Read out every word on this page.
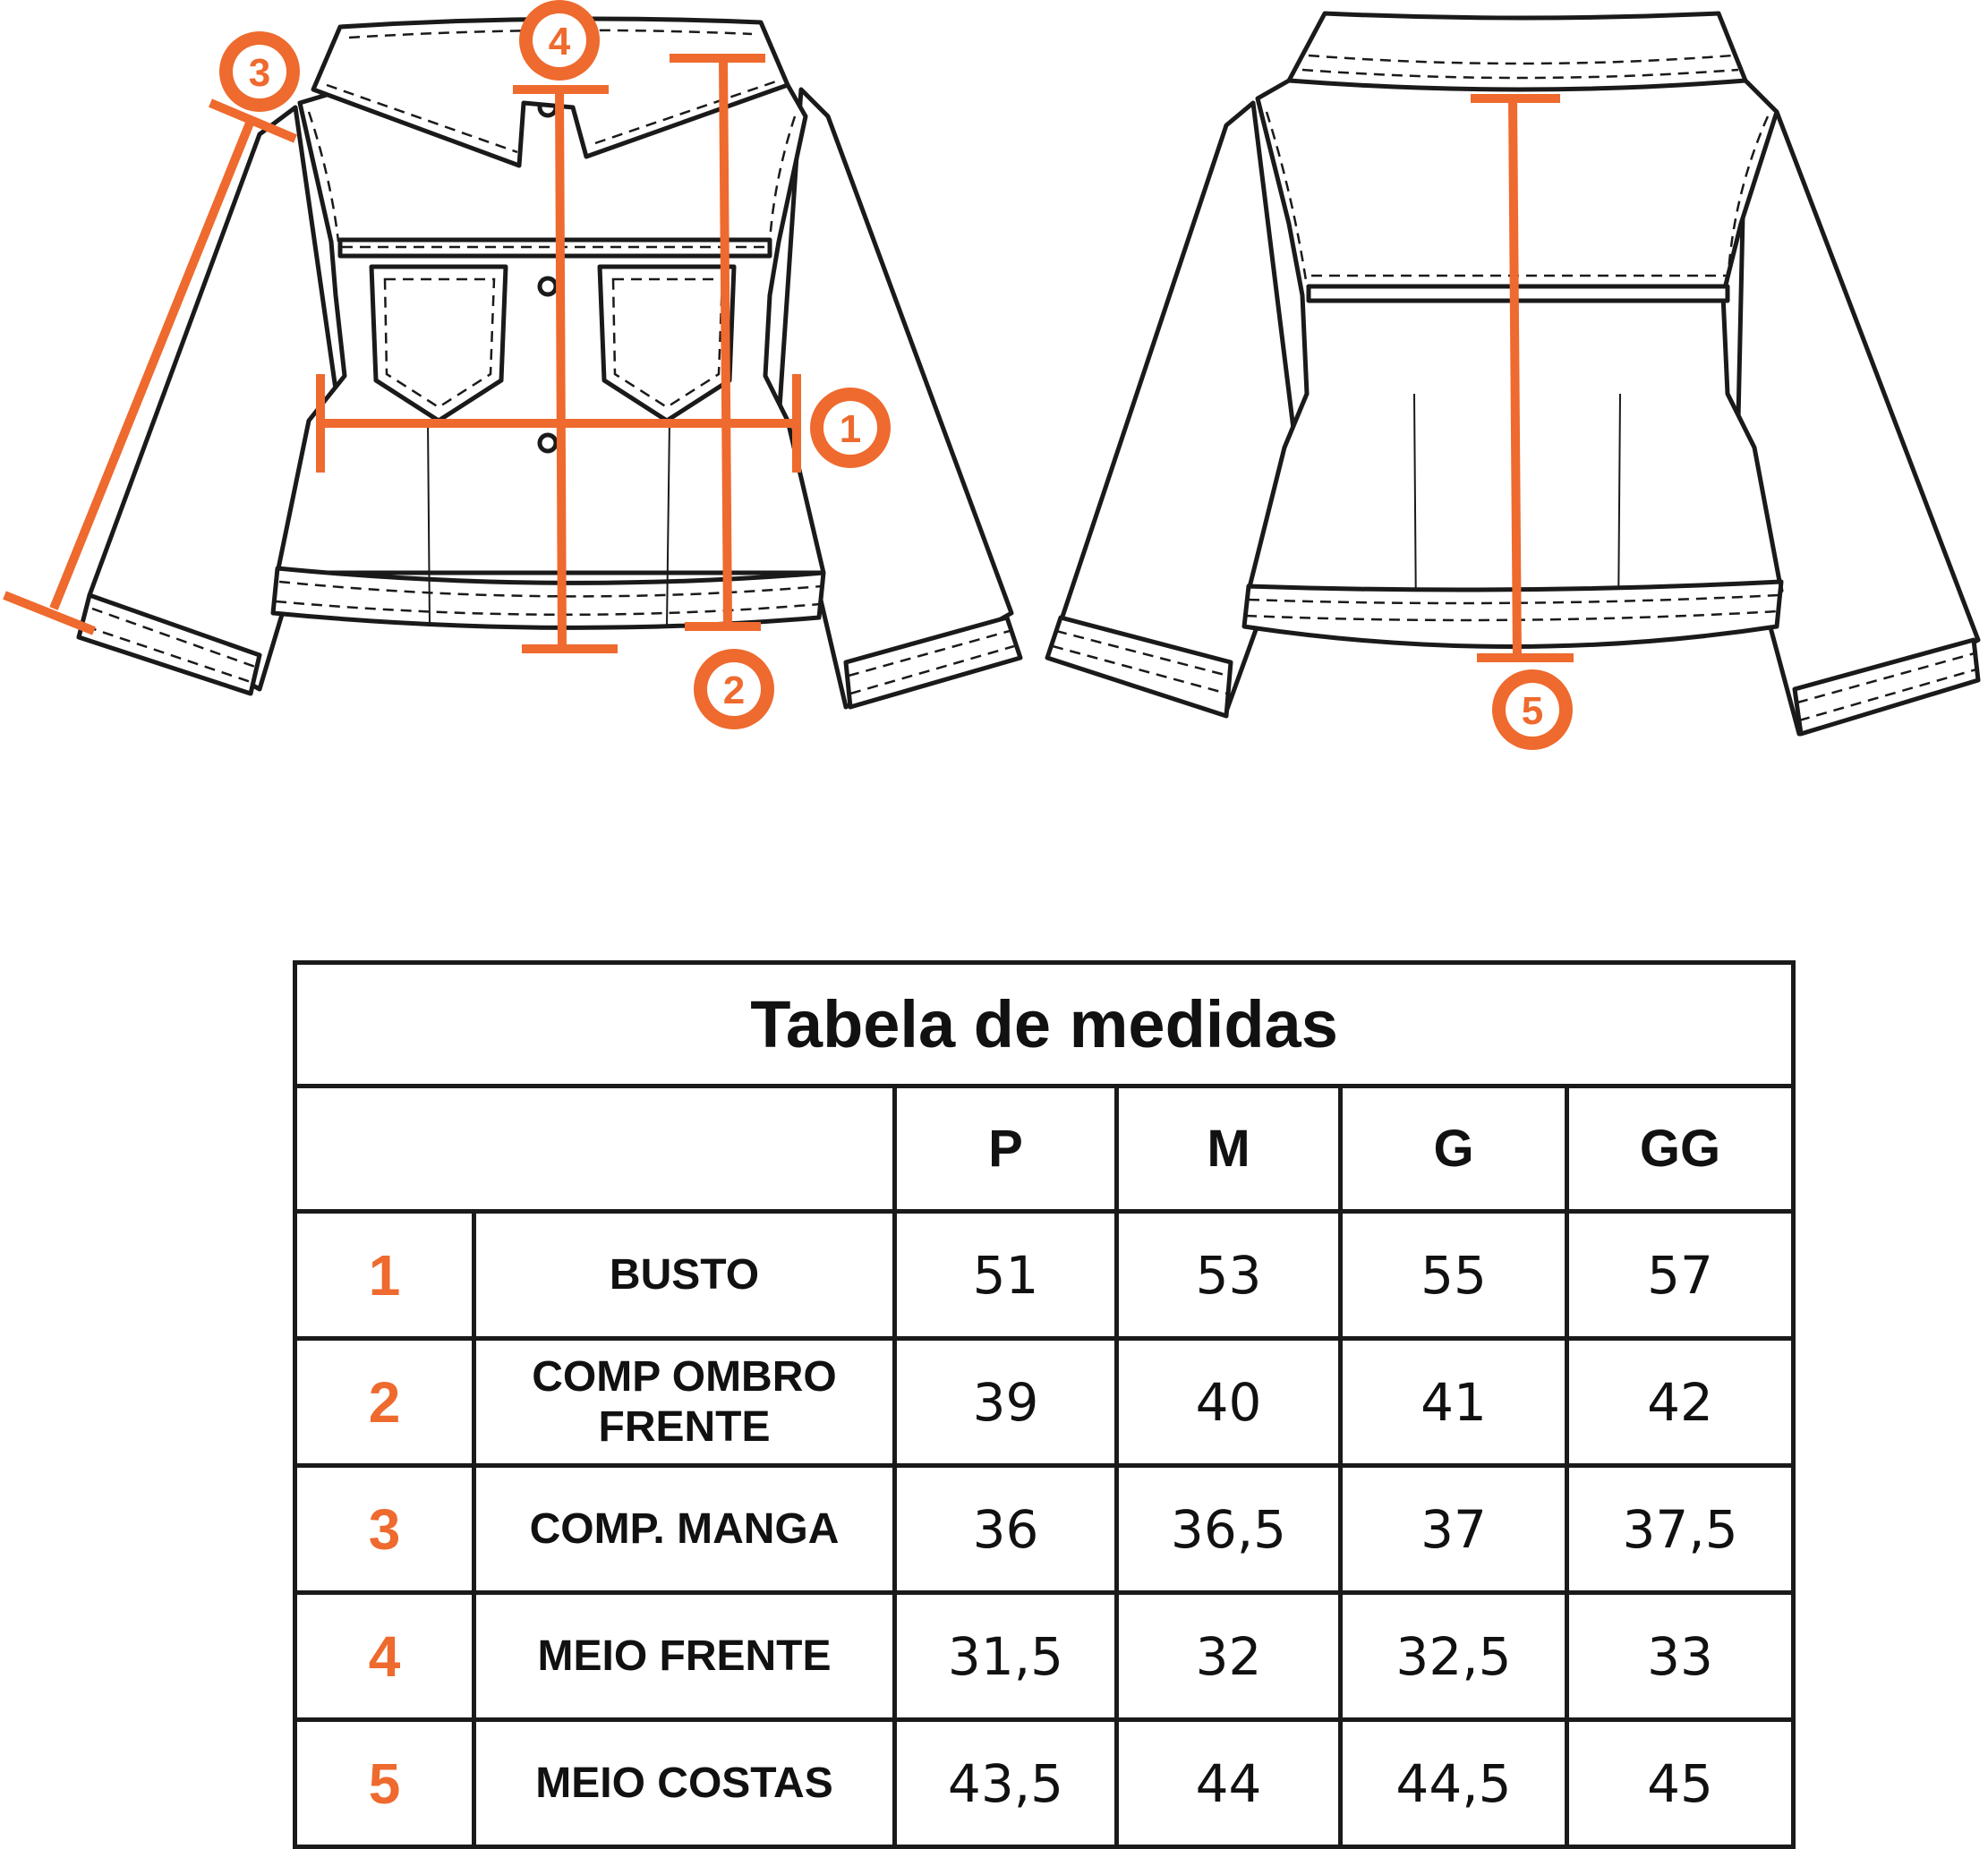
1
2
3
4
5
Tabela de medidas					
		P	M	G	GG
1	BUSTO	51	53	55	57
2	COMP OMBRO FRENTE	39	40	41	42
3	COMP. MANGA	36	36,5	37	37,5
4	MEIO FRENTE	31,5	32	32,5	33
5	MEIO COSTAS	43,5	44	44,5	45
